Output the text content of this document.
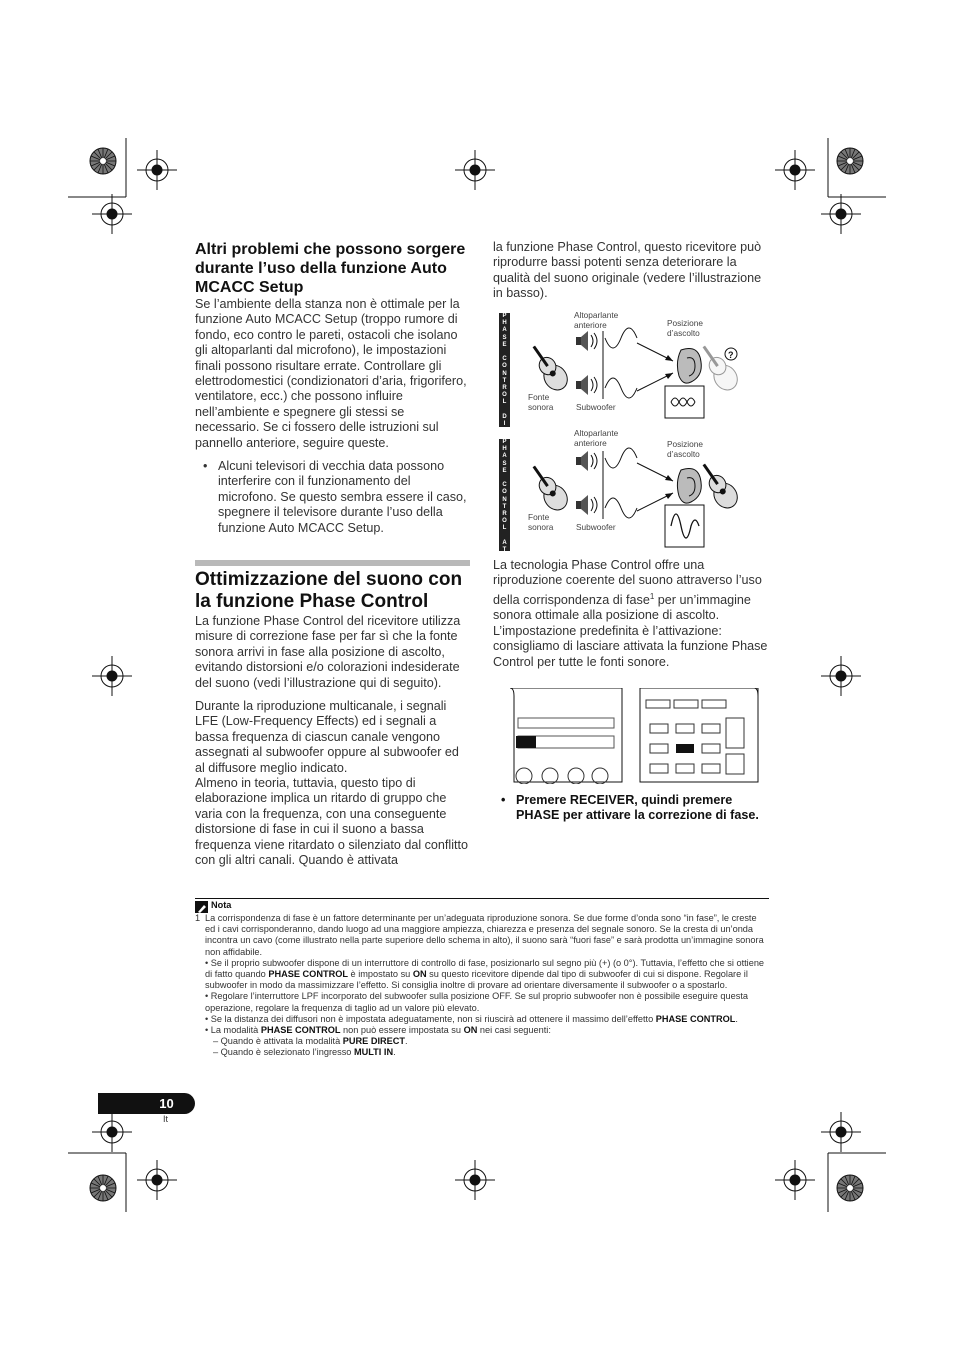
Altri problemi che possono sorgere durante l’uso della funzione Auto MCACC Setup

Se l’ambiente della stanza non è ottimale per la funzione Auto MCACC Setup (troppo rumore di fondo, eco contro le pareti, ostacoli che isolano gli altoparlanti dal microfono), le impostazioni finali possono risultare errate. Controllare gli elettrodomestici (condizionatori d’aria, frigorifero, ventilatore, ecc.) che possono influire nell’ambiente e spegnere gli stessi se necessario. Se ci fossero delle istruzioni sul pannello anteriore, seguire queste.

• Alcuni televisori di vecchia data possono interferire con il funzionamento del microfono. Se questo sembra essere il caso, spegnere il televisore durante l’uso della funzione Auto MCACC Setup.
Ottimizzazione del suono con la funzione Phase Control

La funzione Phase Control del ricevitore utilizza misure di correzione fase per far sì che la fonte sonora arrivi in fase alla posizione di ascolto, evitando distorsioni e/o colorazioni indesiderate del suono (vedi l’illustrazione qui di seguito).

Durante la riproduzione multicanale, i segnali LFE (Low-Frequency Effects) ed i segnali a bassa frequenza di ciascun canale vengono assegnati al subwoofer oppure al subwoofer ed al diffusore meglio indicato.
Almeno in teoria, tuttavia, questo tipo di elaborazione implica un ritardo di gruppo che varia con la frequenza, con una conseguente distorsione di fase in cui il suono a bassa frequenza viene ritardato o silenziato dal conflitto con gli altri canali. Quando è attivata
la funzione Phase Control, questo ricevitore può riprodurre bassi potenti senza deteriorare la qualità del suono originale (vedere l’illustrazione in basso).
P
H
A
S
E

C
O
N
T
R
O
L

D
I
?
Altoparlante anteriore	Posizione d’ascolto
Fonte sonora	Subwoofer
P
H
A
S
E

C
O
N
T
R
O
L

A
T
Altoparlante anteriore	Posizione d’ascolto
Fonte sonora	Subwoofer
La tecnologia Phase Control offre una riproduzione coerente del suono attraverso l’uso della corrispondenza di fase$^1$ per un’immagine sonora ottimale alla posizione di ascolto. L’impostazione predefinita è l’attivazione: consigliamo di lasciare attivata la funzione Phase Control per tutte le fonti sonore.
• Premere RECEIVER, quindi premere PHASE per attivare la correzione di fase.
Nota

1 La corrispondenza di fase è un fattore determinante per un’adeguata riproduzione sonora. Se due forme d’onda sono “in fase”, le creste ed i cavi corrisponderanno, dando luogo ad una maggiore ampiezza, chiarezza e presenza del segnale sonoro. Se la cresta di un’onda incontra un cavo (come illustrato nella parte superiore dello schema in alto), il suono sarà “fuori fase” e sarà prodotta un’immagine sonora non affidabile.

• Se il proprio subwoofer dispone di un interruttore di controllo di fase, posizionarlo sul segno più (+) (o 0°). Tuttavia, l’effetto che si ottiene di fatto quando PHASE CONTROL è impostato su ON su questo ricevitore dipende dal tipo di subwoofer di cui si dispone. Regolare il subwoofer in modo da massimizzare l’effetto. Si consiglia inoltre di provare ad orientare diversamente il subwoofer o a spostarlo.

• Regolare l’interruttore LPF incorporato del subwoofer sulla posizione OFF. Se sul proprio subwoofer non è possibile eseguire questa operazione, regolare la frequenza di taglio ad un valore più elevato.

• Se la distanza dei diffusori non è impostata adeguatamente, non si riuscirà ad ottenere il massimo dell’effetto PHASE CONTROL.

• La modalità PHASE CONTROL non può essere impostata su ON nei casi seguenti:

– Quando è attivata la modalità PURE DIRECT.

– Quando è selezionato l’ingresso MULTI IN.

10
It
